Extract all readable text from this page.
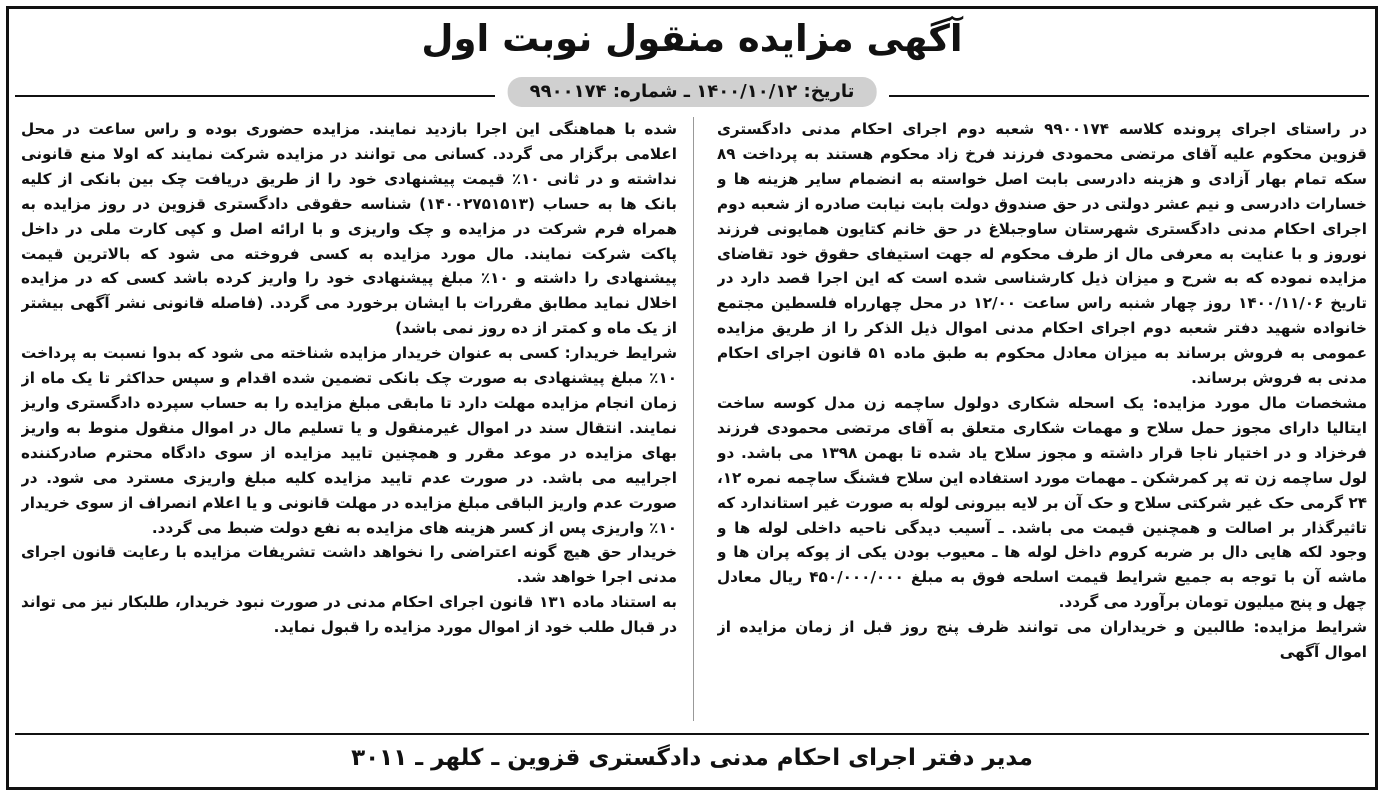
آگهی مزایده منقول نوبت اول
تاریخ: ۱۴۰۰/۱۰/۱۲ ـ شماره: ۹۹۰۰۱۷۴

در راستای اجرای پرونده کلاسه ۹۹۰۰۱۷۴ شعبه دوم اجرای احکام مدنی دادگستری قزوین محکوم علیه آقای مرتضی محمودی فرزند فرخ زاد محکوم هستند به پرداخت ۸۹ سکه تمام بهار آزادی و هزینه دادرسی بابت اصل خواسته به انضمام سایر هزینه ها و خسارات دادرسی و نیم عشر دولتی در حق صندوق دولت بابت نیابت صادره از شعبه دوم اجرای احکام مدنی دادگستری شهرستان ساوجبلاغ در حق خانم کتایون همایونی فرزند نوروز و با عنایت به معرفی مال از طرف محکوم له جهت استیفای حقوق خود تقاضای مزایده نموده که به شرح و میزان ذیل کارشناسی شده است که این اجرا قصد دارد در تاریخ ۱۴۰۰/۱۱/۰۶ روز چهار شنبه راس ساعت ۱۲/۰۰ در محل چهارراه فلسطین مجتمع خانواده شهید دفتر شعبه دوم اجرای احکام مدنی اموال ذیل الذکر را از طریق مزایده عمومی به فروش برساند به میزان معادل محکوم به طبق ماده ۵۱ قانون اجرای احکام مدنی به فروش برساند.

مشخصات مال مورد مزایده: یک اسحله شکاری دولول ساچمه زن مدل کوسه ساخت ایتالیا دارای مجوز حمل سلاح و مهمات شکاری متعلق به آقای مرتضی محمودی فرزند فرخزاد و در اختیار ناجا قرار داشته و مجوز سلاح یاد شده تا بهمن ۱۳۹۸ می باشد. دو لول ساچمه زن ته پر کمرشکن ـ مهمات مورد استفاده این سلاح فشنگ ساچمه نمره ۱۲، ۲۴ گرمی حک غیر شرکتی سلاح و حک آن بر لایه بیرونی لوله به صورت غیر استاندارد که تاثیرگذار بر اصالت و همچنین قیمت می باشد. ـ آسیب دیدگی ناحیه داخلی لوله ها و وجود لکه هایی دال بر ضربه کروم داخل لوله ها ـ معیوب بودن یکی از پوکه پران ها و ماشه آن با توجه به جمیع شرایط قیمت اسلحه فوق به مبلغ ۴۵۰/۰۰۰/۰۰۰ ریال معادل چهل و پنج میلیون تومان برآورد می گردد.

شرایط مزایده: طالبین و خریداران می توانند ظرف پنج روز قبل از زمان مزایده از اموال آگهی

شده با هماهنگی این اجرا بازدید نمایند. مزایده حضوری بوده و راس ساعت در محل اعلامی برگزار می گردد. کسانی می توانند در مزایده شرکت نمایند که اولا منع قانونی نداشته و در ثانی ۱۰٪ قیمت پیشنهادی خود را از طریق دریافت چک بین بانکی از کلیه بانک ها به حساب (۱۴۰۰۲۷۵۱۵۱۳) شناسه حقوقی دادگستری قزوین در روز مزایده به همراه فرم شرکت در مزایده و چک واریزی و با ارائه اصل و کپی کارت ملی در داخل پاکت شرکت نمایند. مال مورد مزایده به کسی فروخته می شود که بالاترین قیمت پیشنهادی را داشته و ۱۰٪ مبلغ پیشنهادی خود را واریز کرده باشد کسی که در مزایده اخلال نماید مطابق مقررات با ایشان برخورد می گردد. (فاصله قانونی نشر آگهی بیشتر از یک ماه و کمتر از ده روز نمی باشد)

شرایط خریدار: کسی به عنوان خریدار مزایده شناخته می شود که بدوا نسبت به پرداخت ۱۰٪ مبلغ پیشنهادی به صورت چک بانکی تضمین شده اقدام و سپس حداکثر تا یک ماه از زمان انجام مزایده مهلت دارد تا مابقی مبلغ مزایده را به حساب سپرده دادگستری واریز نمایند. انتقال سند در اموال غیرمنقول و یا تسلیم مال در اموال منقول منوط به واریز بهای مزایده در موعد مقرر و همچنین تایید مزایده از سوی دادگاه محترم صادرکننده اجراییه می باشد. در صورت عدم تایید مزایده کلیه مبلغ واریزی مسترد می شود. در صورت عدم واریز الباقی مبلغ مزایده در مهلت قانونی و یا اعلام انصراف از سوی خریدار ۱۰٪ واریزی پس از کسر هزینه های مزایده به نفع دولت ضبط می گردد.

خریدار حق هیچ گونه اعتراضی را نخواهد داشت تشریفات مزایده با رعایت قانون اجرای مدنی اجرا خواهد شد.

به استناد ماده ۱۳۱ قانون اجرای احکام مدنی در صورت نبود خریدار، طلبکار نیز می تواند در قبال طلب خود از اموال مورد مزایده را قبول نماید.

مدیر دفتر اجرای احکام مدنی دادگستری قزوین ـ کلهر ـ ۳۰۱۱
